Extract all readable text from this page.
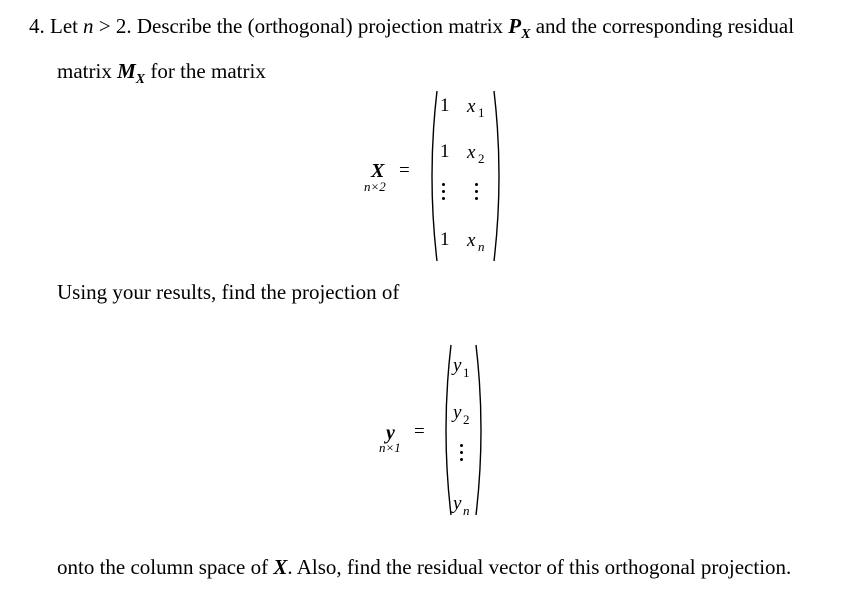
4. Let n > 2. Describe the (orthogonal) projection matrix $P_X$ and the corresponding residual
matrix $M_X$ for the matrix
X
n×2
=
1 x 1
1 x 2
1 x n
Using your results, find the projection of
y
n×1
=
y 1
y 2
y n
onto the column space of X. Also, find the residual vector of this orthogonal projection.
